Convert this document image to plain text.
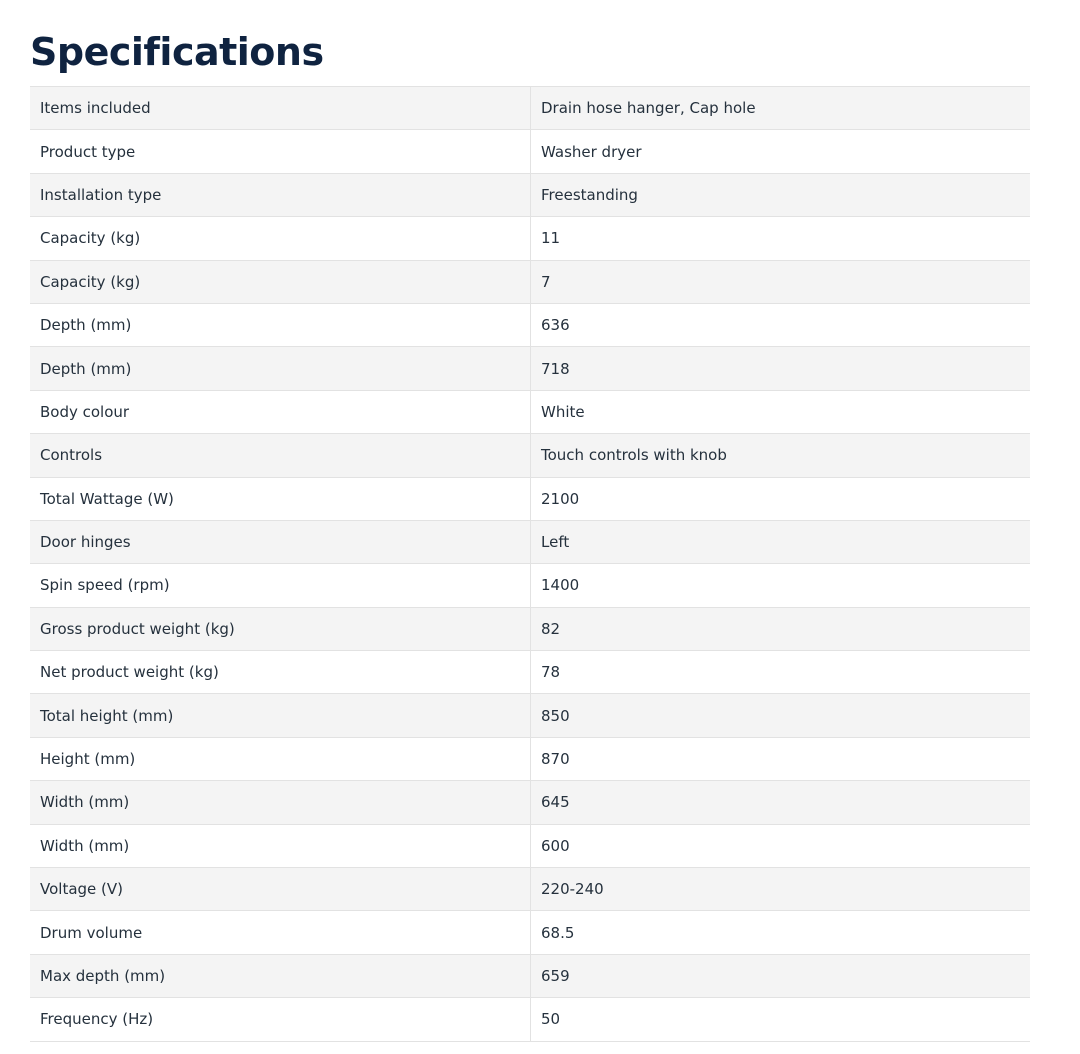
Specifications
Items included	Drain hose hanger, Cap hole
Product type	Washer dryer
Installation type	Freestanding
Capacity (kg)	11
Capacity (kg)	7
Depth (mm)	636
Depth (mm)	718
Body colour	White
Controls	Touch controls with knob
Total Wattage (W)	2100
Door hinges	Left
Spin speed (rpm)	1400
Gross product weight (kg)	82
Net product weight (kg)	78
Total height (mm)	850
Height (mm)	870
Width (mm)	645
Width (mm)	600
Voltage (V)	220-240
Drum volume	68.5
Max depth (mm)	659
Frequency (Hz)	50
